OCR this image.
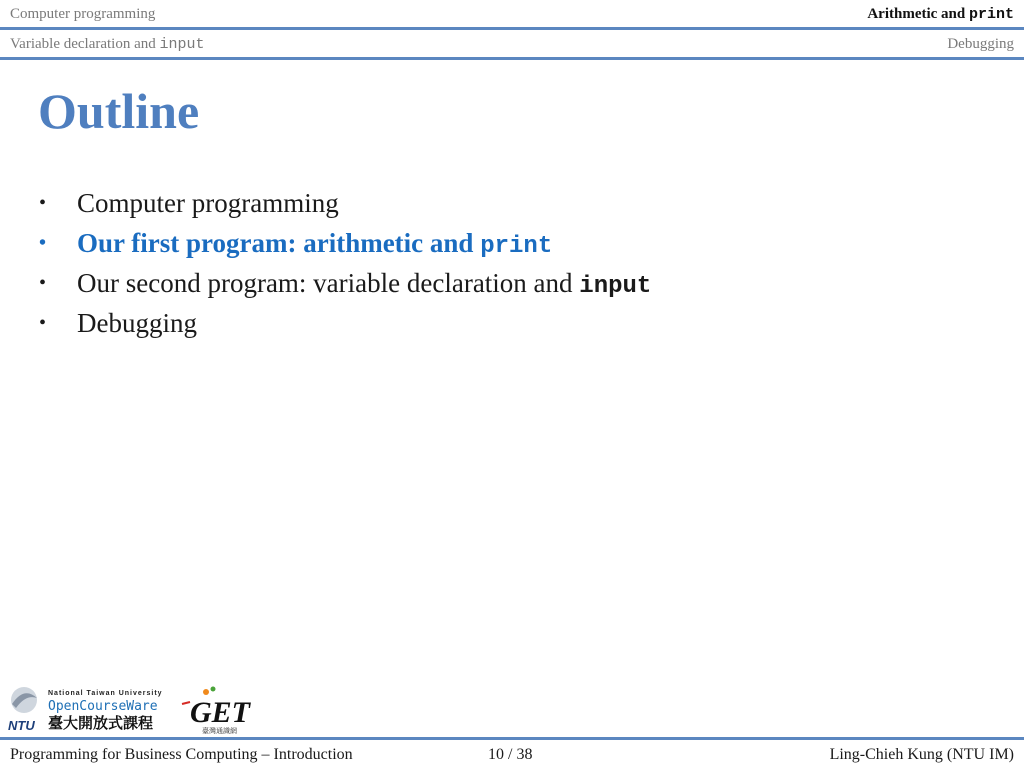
Computer programming	Arithmetic and print
Variable declaration and input	Debugging
Outline
• Computer programming
• Our first program: arithmetic and print
• Our second program: variable declaration and input
• Debugging
NTU
National Taiwan University
OpenCourseWare
臺大開放式課程 GET
臺灣通識網
Programming for Business Computing – Introduction	10 / 38	Ling-Chieh Kung (NTU IM)
